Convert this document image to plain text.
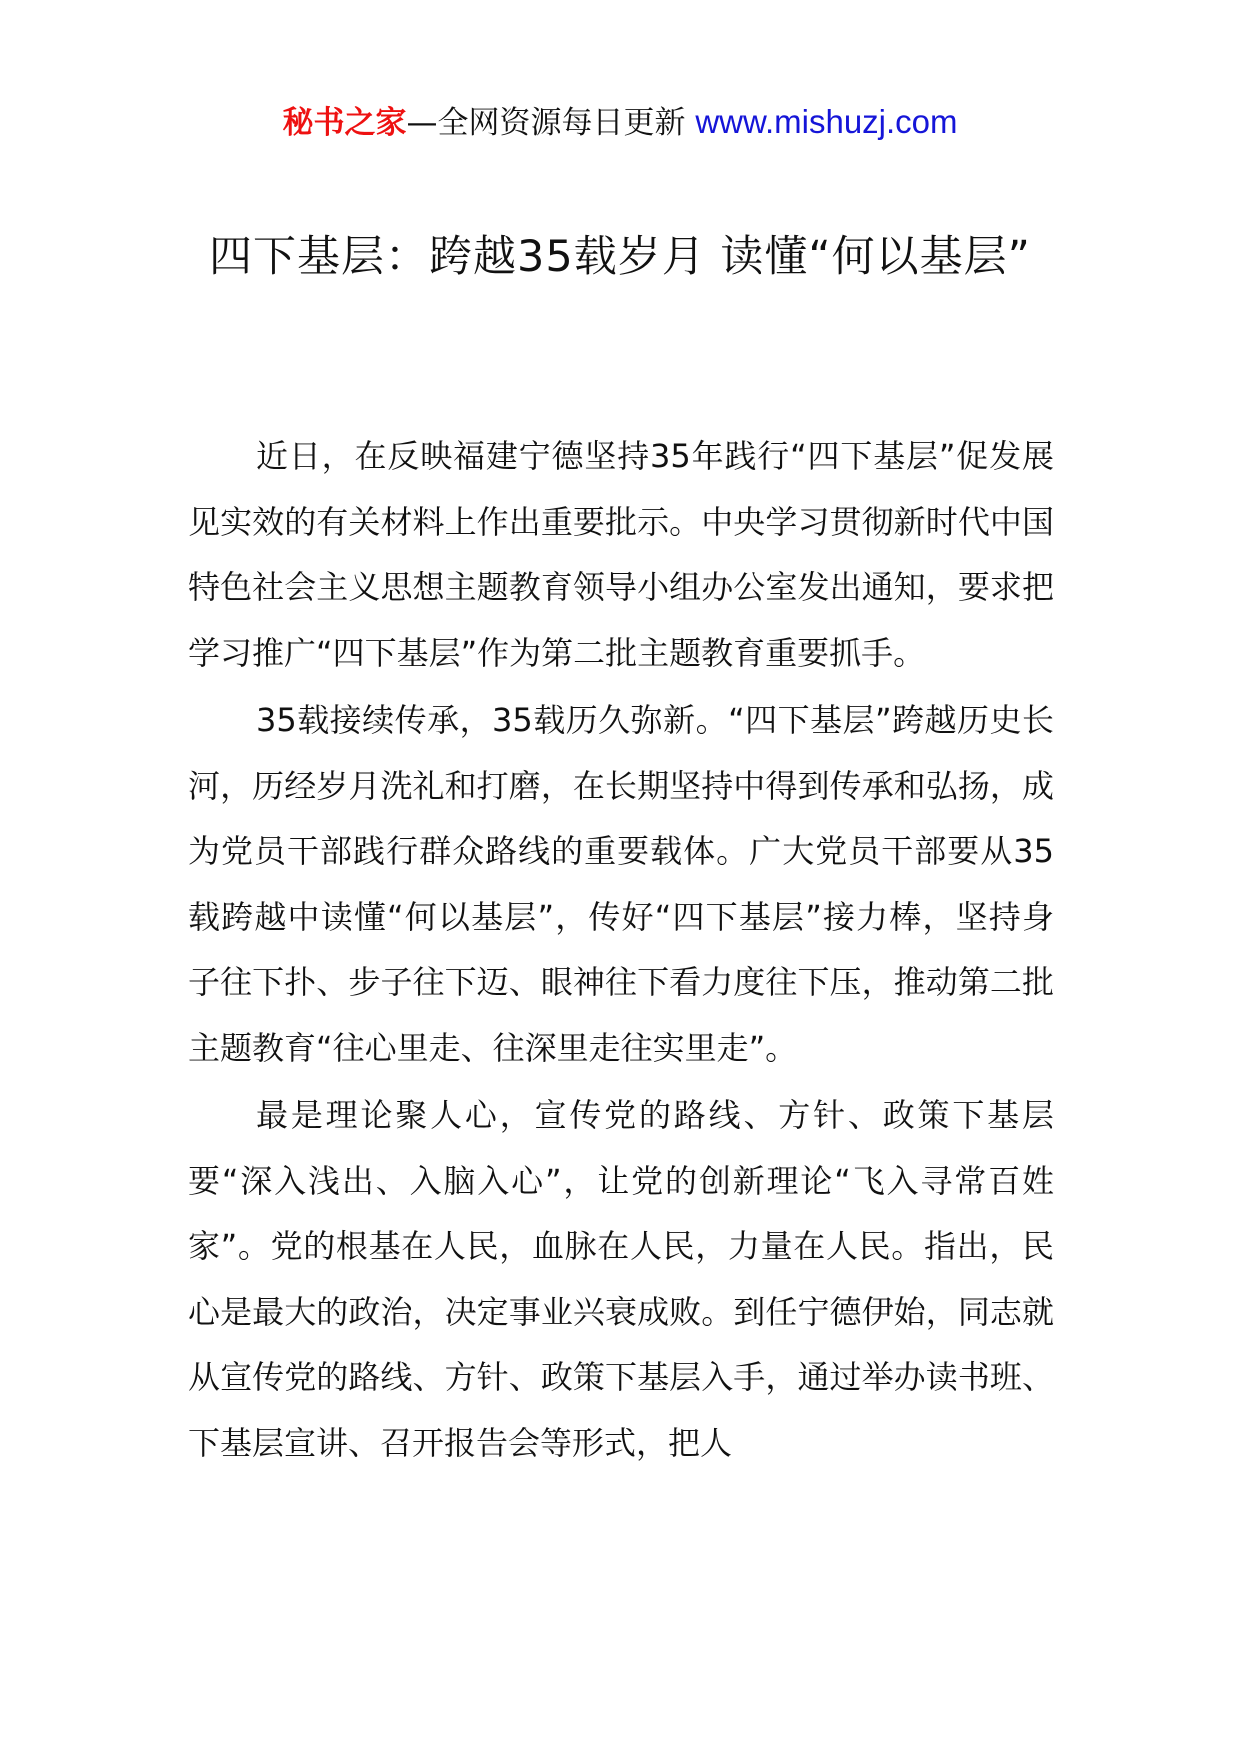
秘书之家—全网资源每日更新 www.mishuzj.com
四下基层：跨越35载岁月 读懂“何以基层”

近日，在反映福建宁德坚持35年践行“四下基层”促发展见实效的有关材料上作出重要批示。中央学习贯彻新时代中国特色社会主义思想主题教育领导小组办公室发出通知，要求把学习推广“四下基层”作为第二批主题教育重要抓手。

35载接续传承，35载历久弥新。“四下基层”跨越历史长河，历经岁月洗礼和打磨，在长期坚持中得到传承和弘扬，成为党员干部践行群众路线的重要载体。广大党员干部要从35载跨越中读懂“何以基层”，传好“四下基层”接力棒，坚持身子往下扑、步子往下迈、眼神往下看力度往下压，推动第二批主题教育“往心里走、往深里走往实里走”。

最是理论聚人心，宣传党的路线、方针、政策下基层要“深入浅出、入脑入心”，让党的创新理论“飞入寻常百姓家”。党的根基在人民，血脉在人民，力量在人民。指出，民心是最大的政治，决定事业兴衰成败。到任宁德伊始，同志就从宣传党的路线、方针、政策下基层入手，通过举办读书班、下基层宣讲、召开报告会等形式，把人
